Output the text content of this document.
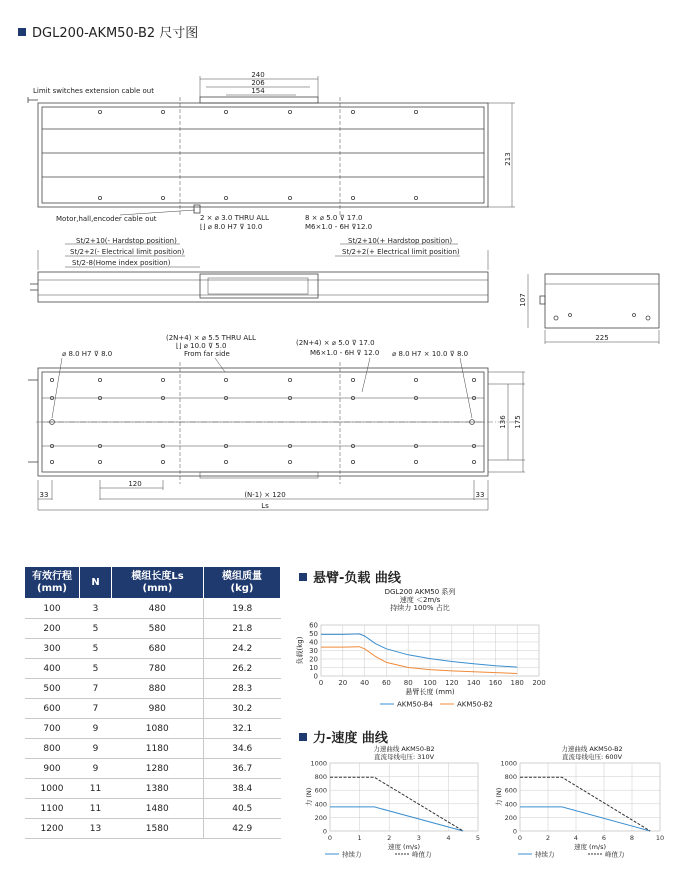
DGL200-AKM50-B2 尺寸图
240
206
154
Limit switches extension cable out
213
Motor,hall,encoder cable out	2 × ⌀ 3.0 THRU ALL
⌊⌋ ⌀ 8.0 H7 ⊽ 10.0
8 × ⌀ 5.0 ⊽ 17.0
M6×1.0 - 6H ⊽12.0
St/2+10(- Hardstop position)
St/2+2(- Electrical limit position)
St/2-8(Home index position)
St/2+10(+ Hardstop position)
St/2+2(+ Electrical limit position)
107
225
(2N+4) × ⌀ 5.5 THRU ALL
⌊⌋ ⌀ 10.0 ⊽ 5.0
From far side
(2N+4) × ⌀ 5.0 ⊽ 17.0
M6×1.0 - 6H ⊽ 12.0
⌀ 8.0 H7 ⊽ 8.0	⌀ 8.0 H7 × 10.0 ⊽ 8.0
136 175
33
120
(N-1) × 120	33
Ls
有效行程
(mm)	N	模组长度Ls
(mm)	模组质量
(kg)
100	3	480	19.8
200	5	580	21.8
300	5	680	24.2
400	5	780	26.2
500	7	880	28.3
600	7	980	30.2
700	9	1080	32.1
800	9	1180	34.6
900	9	1280	36.7
1000	11	1380	38.4
1100	11	1480	40.5
1200	13	1580	42.9
悬臂-负载 曲线
力-速度 曲线
0 20 40 60 80 100 120 140 160 180 200
0
10
20
30
40
50
60
DGL200 AKM50 系列
速度 ＜2m/s
持续力 100% 占比
悬臂长度 (mm)
负载(kg)
AKM50-B4	AKM50-B2
0	1	2	3	4	5
0
200
400
600
800
1000
力速曲线 AKM50-B2
直流母线电压: 310V
速度 (m/s)
力 (N)
持续力	峰值力
0	2	4	6	8	10
0
200
400
600
800
1000
力速曲线 AKM50-B2
直流母线电压: 600V
速度 (m/s)
力 (N)
持续力	峰值力
